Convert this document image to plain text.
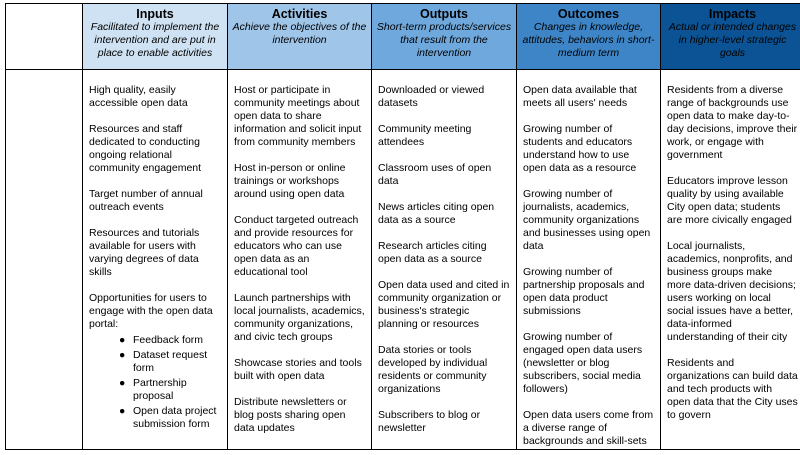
Inputs
Facilitated to implement the intervention and are put in place to enable activities
Activities
Achieve the objectives of the intervention
Outputs
Short-term products/services that result from the intervention
Outcomes
Changes in knowledge, attitudes, behaviors in short-medium term
Impacts
Actual or intended changes in higher-level strategic goals

High quality, easily accessible open data

Resources and staff dedicated to conducting ongoing relational community engagement

Target number of annual outreach events

Resources and tutorials available for users with varying degrees of data skills

Opportunities for users to engage with the open data portal:

● Feedback form
● Dataset request form
● Partnership proposal
● Open data project submission form

Host or participate in community meetings about open data to share information and solicit input from community members

Host in-person or online trainings or workshops around using open data

Conduct targeted outreach and provide resources for educators who can use open data as an educational tool

Launch partnerships with local journalists, academics, community organizations, and civic tech groups

Showcase stories and tools built with open data

Distribute newsletters or blog posts sharing open data updates

Downloaded or viewed datasets

Community meeting attendees

Classroom uses of open data

News articles citing open data as a source

Research articles citing open data as a source

Open data used and cited in community organization or business's strategic planning or resources

Data stories or tools developed by individual residents or community organizations

Subscribers to blog or newsletter

Open data available that meets all users' needs

Growing number of students and educators understand how to use open data as a resource

Growing number of journalists, academics, community organizations and businesses using open data

Growing number of partnership proposals and open data product submissions

Growing number of engaged open data users (newsletter or blog subscribers, social media followers)

Open data users come from a diverse range of backgrounds and skill-sets

Residents from a diverse range of backgrounds use open data to make day-to-day decisions, improve their work, or engage with government

Educators improve lesson quality by using available City open data; students are more civically engaged

Local journalists, academics, nonprofits, and business groups make more data-driven decisions; users working on local social issues have a better, data-informed understanding of their city

Residents and organizations can build data and tech products with open data that the City uses to govern
